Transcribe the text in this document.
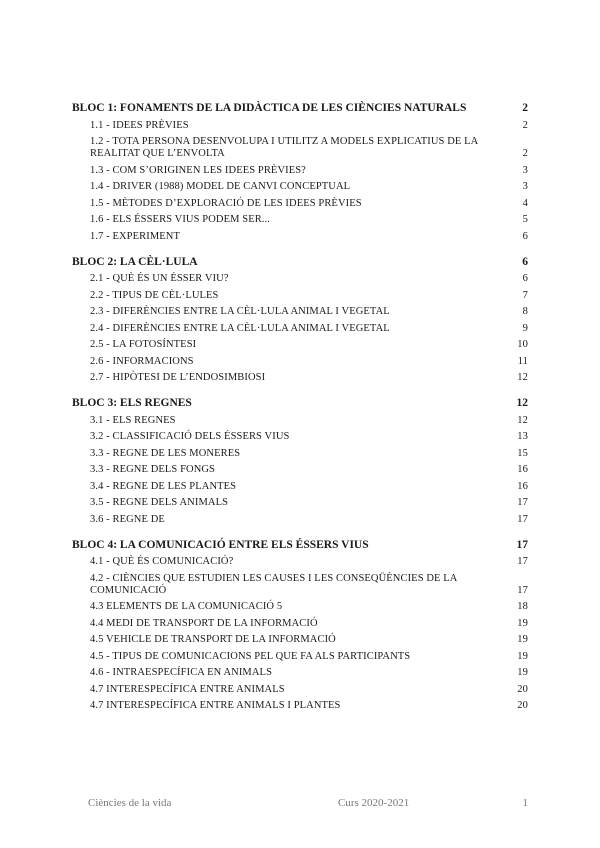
BLOC 1: FONAMENTS DE LA DIDÀCTICA DE LES CIÈNCIES NATURALS	2
1.1 - IDEES PRÈVIES	2
1.2 - TOTA PERSONA DESENVOLUPA I UTILITZ A MODELS EXPLICATIUS DE LA REALITAT QUE L’ENVOLTA	2
1.3 - COM S’ORIGINEN LES IDEES PRÈVIES?	3
1.4 - DRIVER (1988) MODEL DE CANVI CONCEPTUAL	3
1.5 - MÈTODES D’EXPLORACIÓ DE LES IDEES PRÈVIES	4
1.6 - ELS ÉSSERS VIUS PODEM SER...	5
1.7 - EXPERIMENT	6
BLOC 2: LA CÈL·LULA	6
2.1 - QUÈ ÉS UN ÉSSER VIU?	6
2.2 - TIPUS DE CÈL·LULES	7
2.3 - DIFERÈNCIES ENTRE LA CÈL·LULA ANIMAL I VEGETAL	8
2.4 - DIFERÈNCIES ENTRE LA CÈL·LULA ANIMAL I VEGETAL	9
2.5 - LA FOTOSÍNTESI	10
2.6 - INFORMACIONS	11
2.7 - HIPÒTESI DE L’ENDOSIMBIOSI	12
BLOC 3: ELS REGNES	12
3.1 - ELS REGNES	12
3.2 - CLASSIFICACIÓ DELS ÉSSERS VIUS	13
3.3 - REGNE DE LES MONERES	15
3.3 - REGNE DELS FONGS	16
3.4 - REGNE DE LES PLANTES	16
3.5 - REGNE DELS ANIMALS	17
3.6 - REGNE DE	17
BLOC 4: LA COMUNICACIÓ ENTRE ELS ÉSSERS VIUS	17
4.1 - QUÈ ÉS COMUNICACIÓ?	17
4.2 - CIÈNCIES QUE ESTUDIEN LES CAUSES I LES CONSEQÜÈNCIES DE LA COMUNICACIÓ	17
4.3 ELEMENTS DE LA COMUNICACIÓ 5	18
4.4 MEDI DE TRANSPORT DE LA INFORMACIÓ	19
4.5 VEHICLE DE TRANSPORT DE LA INFORMACIÓ	19
4.5 - TIPUS DE COMUNICACIONS PEL QUE FA ALS PARTICIPANTS	19
4.6 - INTRAESPECÍFICA EN ANIMALS	19
4.7 INTERESPECÍFICA ENTRE ANIMALS	20
4.7 INTERESPECÍFICA ENTRE ANIMALS I PLANTES	20
Ciències de la vida	Curs 2020-2021	1
